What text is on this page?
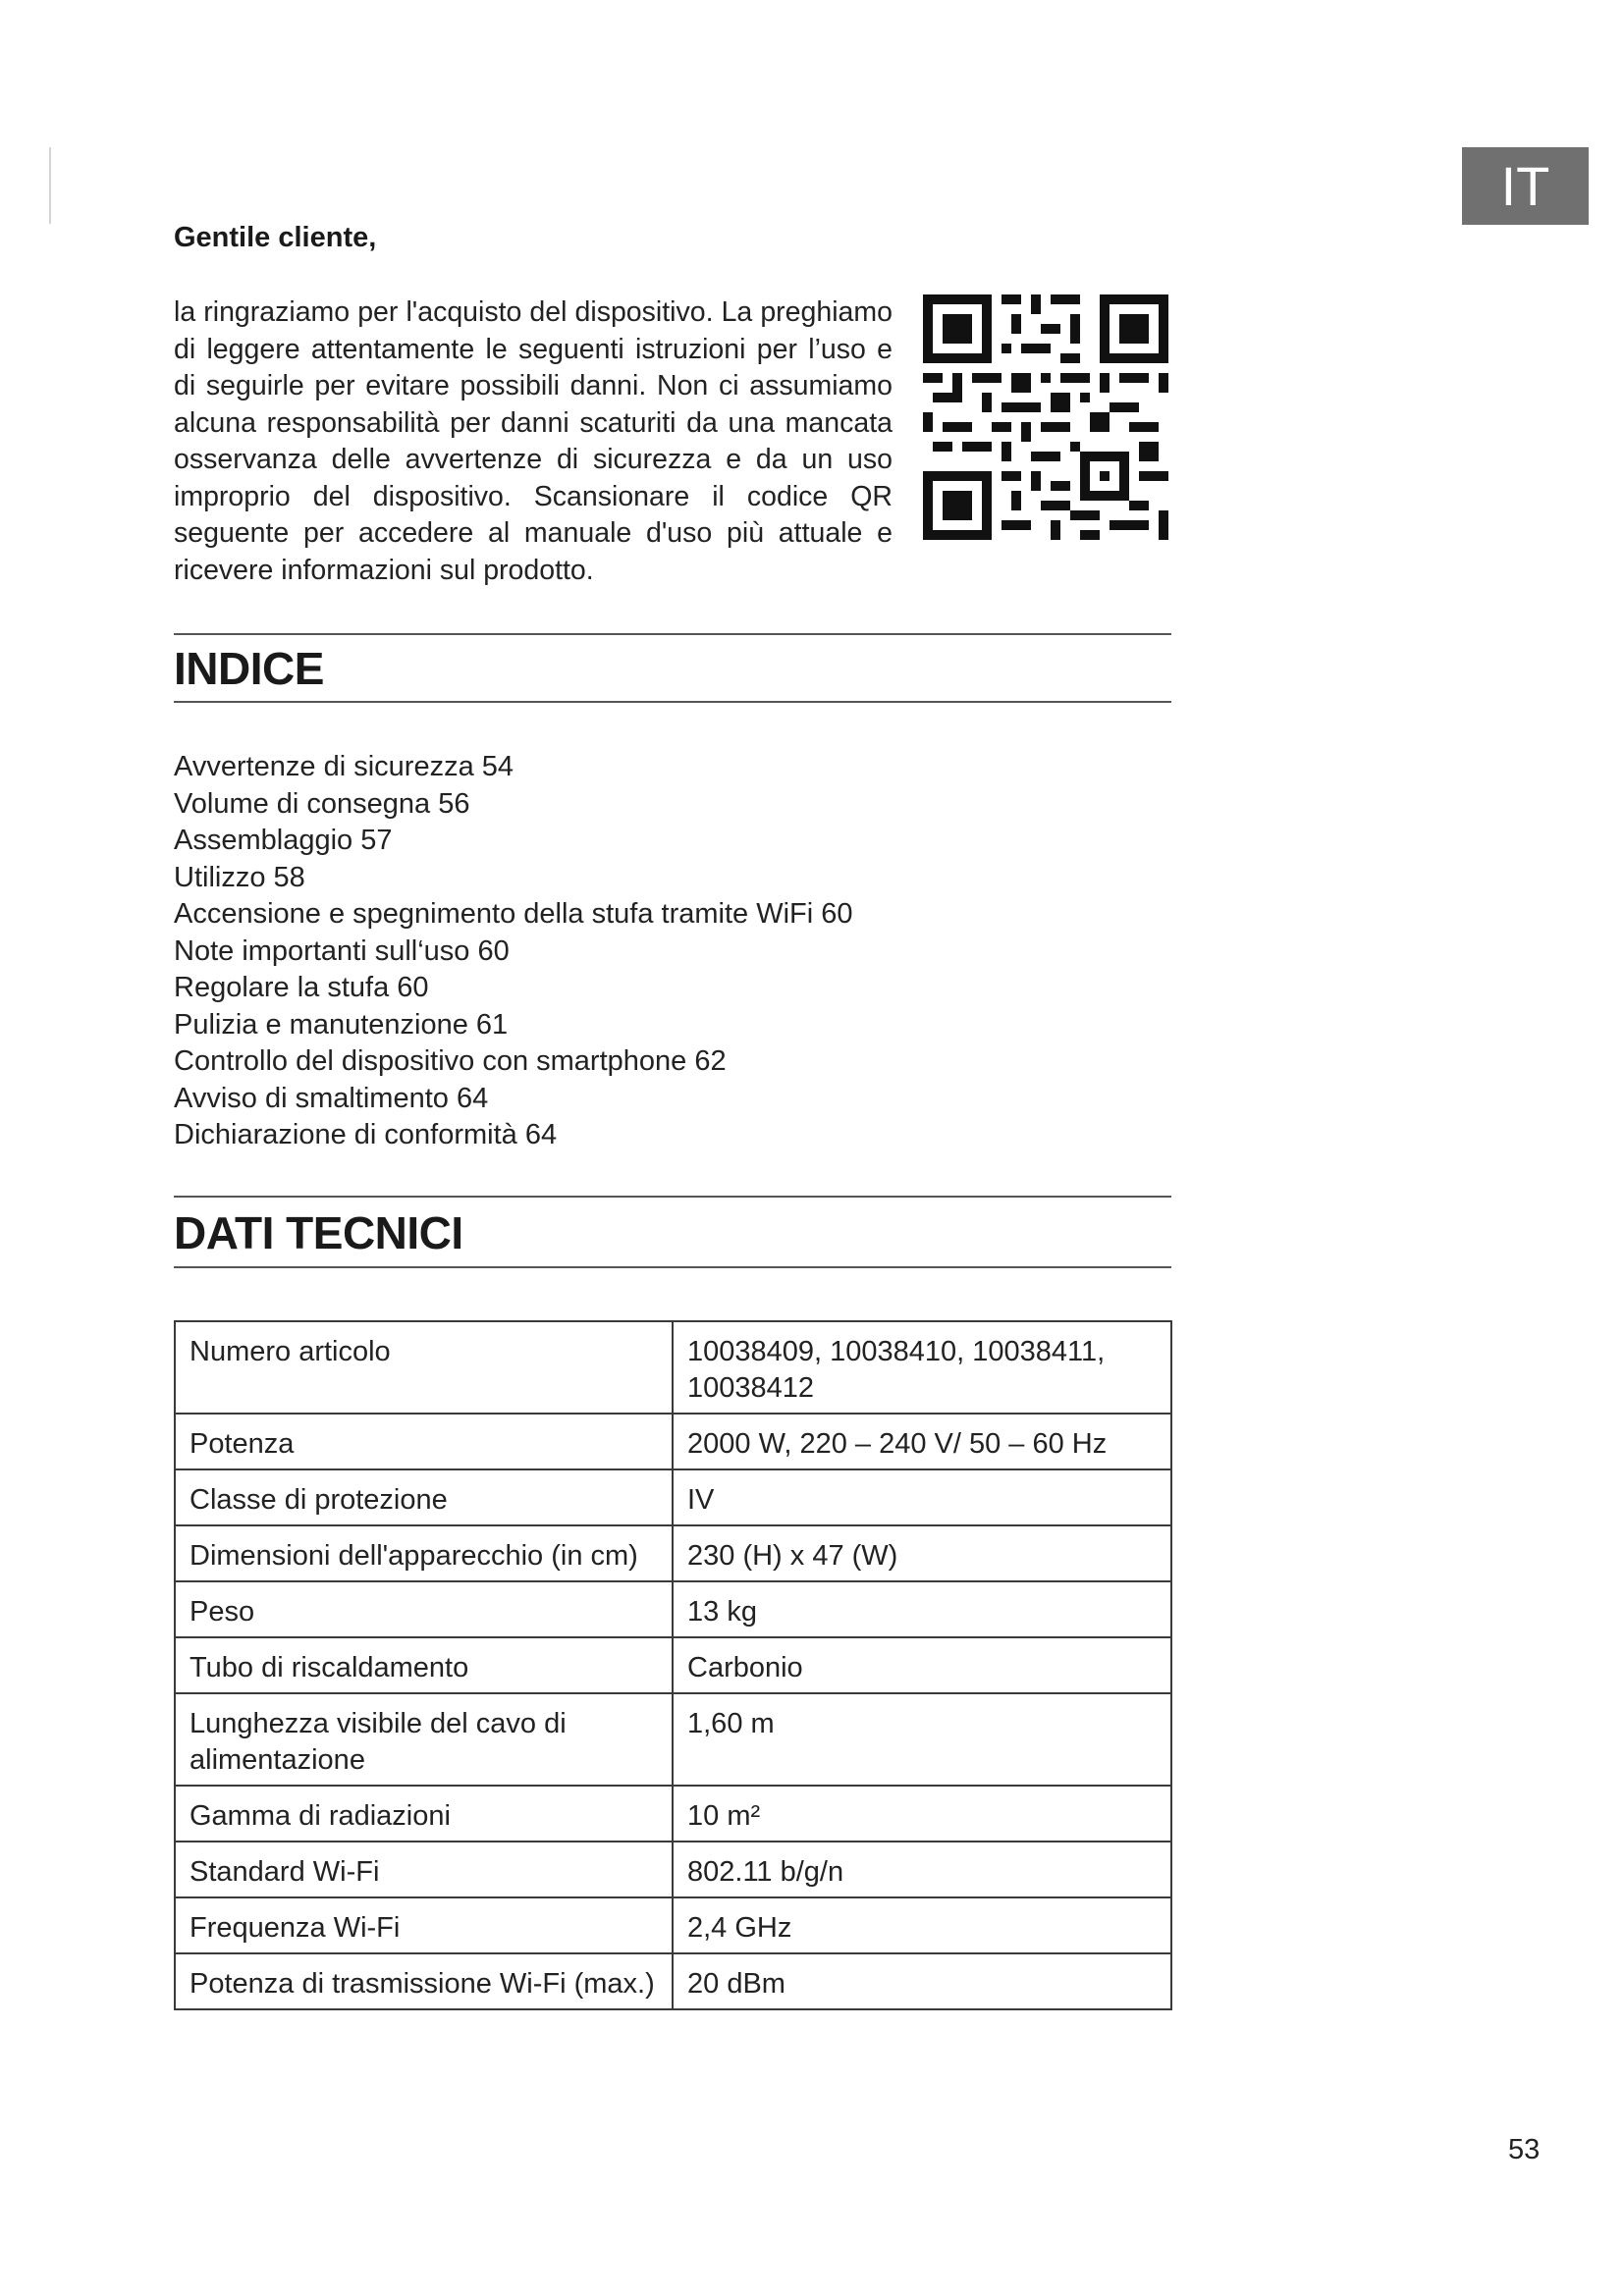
IT

Gentile cliente,

la ringraziamo per l'acquisto del dispositivo. La preghiamo di leggere attentamente le seguenti istruzioni per l’uso e di seguirle per evitare possibili danni. Non ci assumiamo alcuna responsabilità per danni scaturiti da una mancata osservanza delle avvertenze di sicurezza e da un uso improprio del dispositivo. Scansionare il codice QR seguente per accedere al manuale d'uso più attuale e ricevere informazioni sul prodotto.

INDICE
Avvertenze di sicurezza 54
Volume di consegna 56
Assemblaggio 57
Utilizzo 58
Accensione e spegnimento della stufa tramite WiFi 60
Note importanti sull‘uso 60
Regolare la stufa 60
Pulizia e manutenzione 61
Controllo del dispositivo con smartphone 62
Avviso di smaltimento 64
Dichiarazione di conformità 64
DATI TECNICI
Numero articolo	10038409, 10038410, 10038411, 10038412
Potenza	2000 W, 220 – 240 V/ 50 – 60 Hz
Classe di protezione	IV
Dimensioni dell'apparecchio (in cm)	230 (H) x 47 (W)
Peso	13 kg
Tubo di riscaldamento	Carbonio
Lunghezza visibile del cavo di alimentazione	1,60 m
Gamma di radiazioni	10 m²
Standard Wi-Fi	802.11 b/g/n
Frequenza Wi-Fi	2,4 GHz
Potenza di trasmissione Wi-Fi (max.)	20 dBm
53
